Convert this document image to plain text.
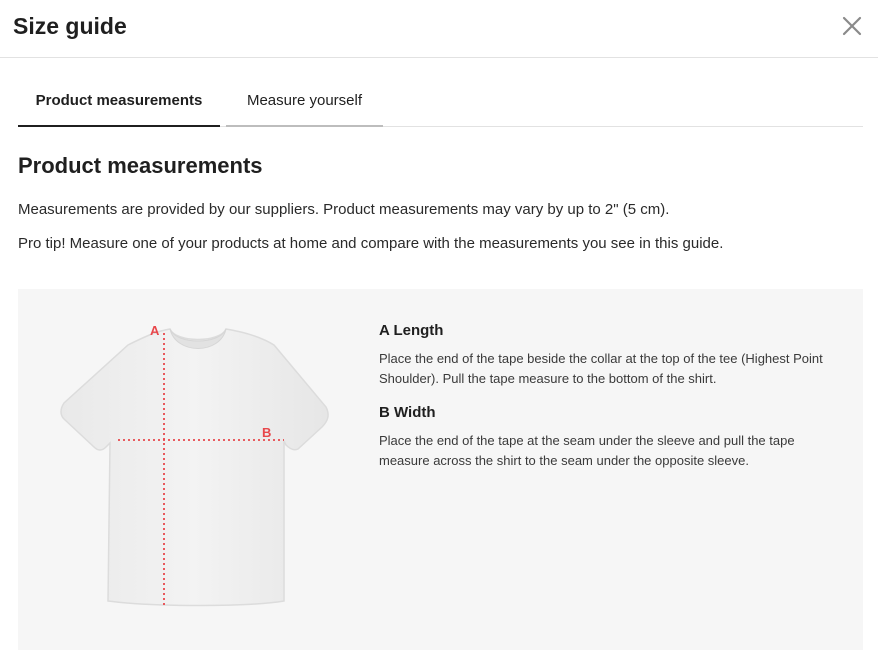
Size guide
Product measurements	Measure yourself
Product measurements

Measurements are provided by our suppliers. Product measurements may vary by up to 2" (5 cm).

Pro tip! Measure one of your products at home and compare with the measurements you see in this guide.

A
B
A Length

Place the end of the tape beside the collar at the top of the tee (Highest Point Shoulder). Pull the tape measure to the bottom of the shirt.

B Width

Place the end of the tape at the seam under the sleeve and pull the tape measure across the shirt to the seam under the opposite sleeve.
